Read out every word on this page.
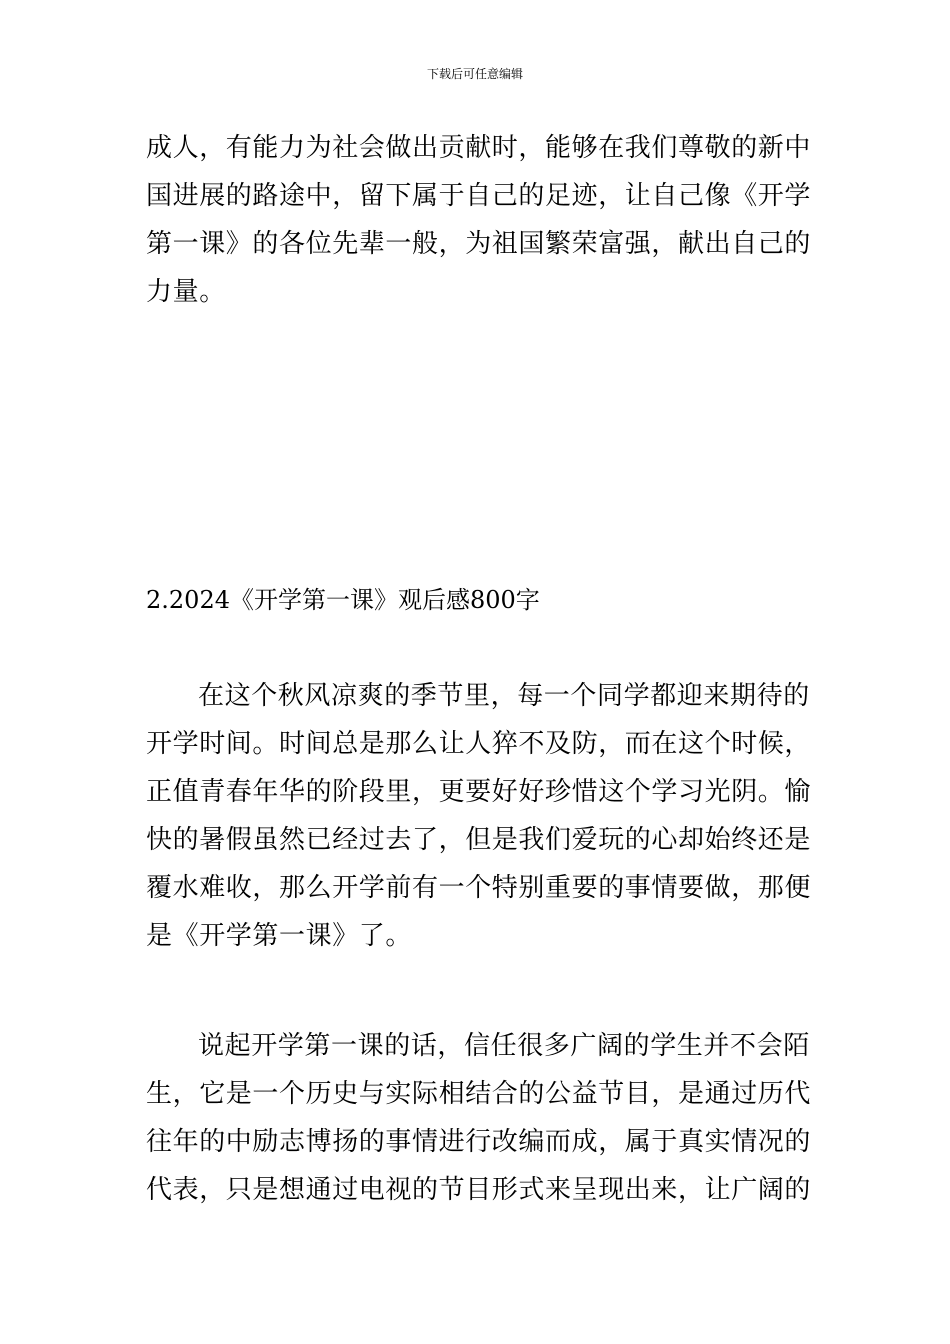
下载后可任意编辑
成人，有能力为社会做出贡献时，能够在我们尊敬的新中
国进展的路途中，留下属于自己的足迹，让自己像《开学
第一课》的各位先辈一般，为祖国繁荣富强，献出自己的
力量。
2.2024《开学第一课》观后感800字
在这个秋风凉爽的季节里，每一个同学都迎来期待的
开学时间。时间总是那么让人猝不及防，而在这个时候，
正值青春年华的阶段里，更要好好珍惜这个学习光阴。愉
快的暑假虽然已经过去了，但是我们爱玩的心却始终还是
覆水难收，那么开学前有一个特别重要的事情要做，那便
是《开学第一课》了。
说起开学第一课的话，信任很多广阔的学生并不会陌
生，它是一个历史与实际相结合的公益节目，是通过历代
往年的中励志博扬的事情进行改编而成，属于真实情况的
代表，只是想通过电视的节目形式来呈现出来，让广阔的
